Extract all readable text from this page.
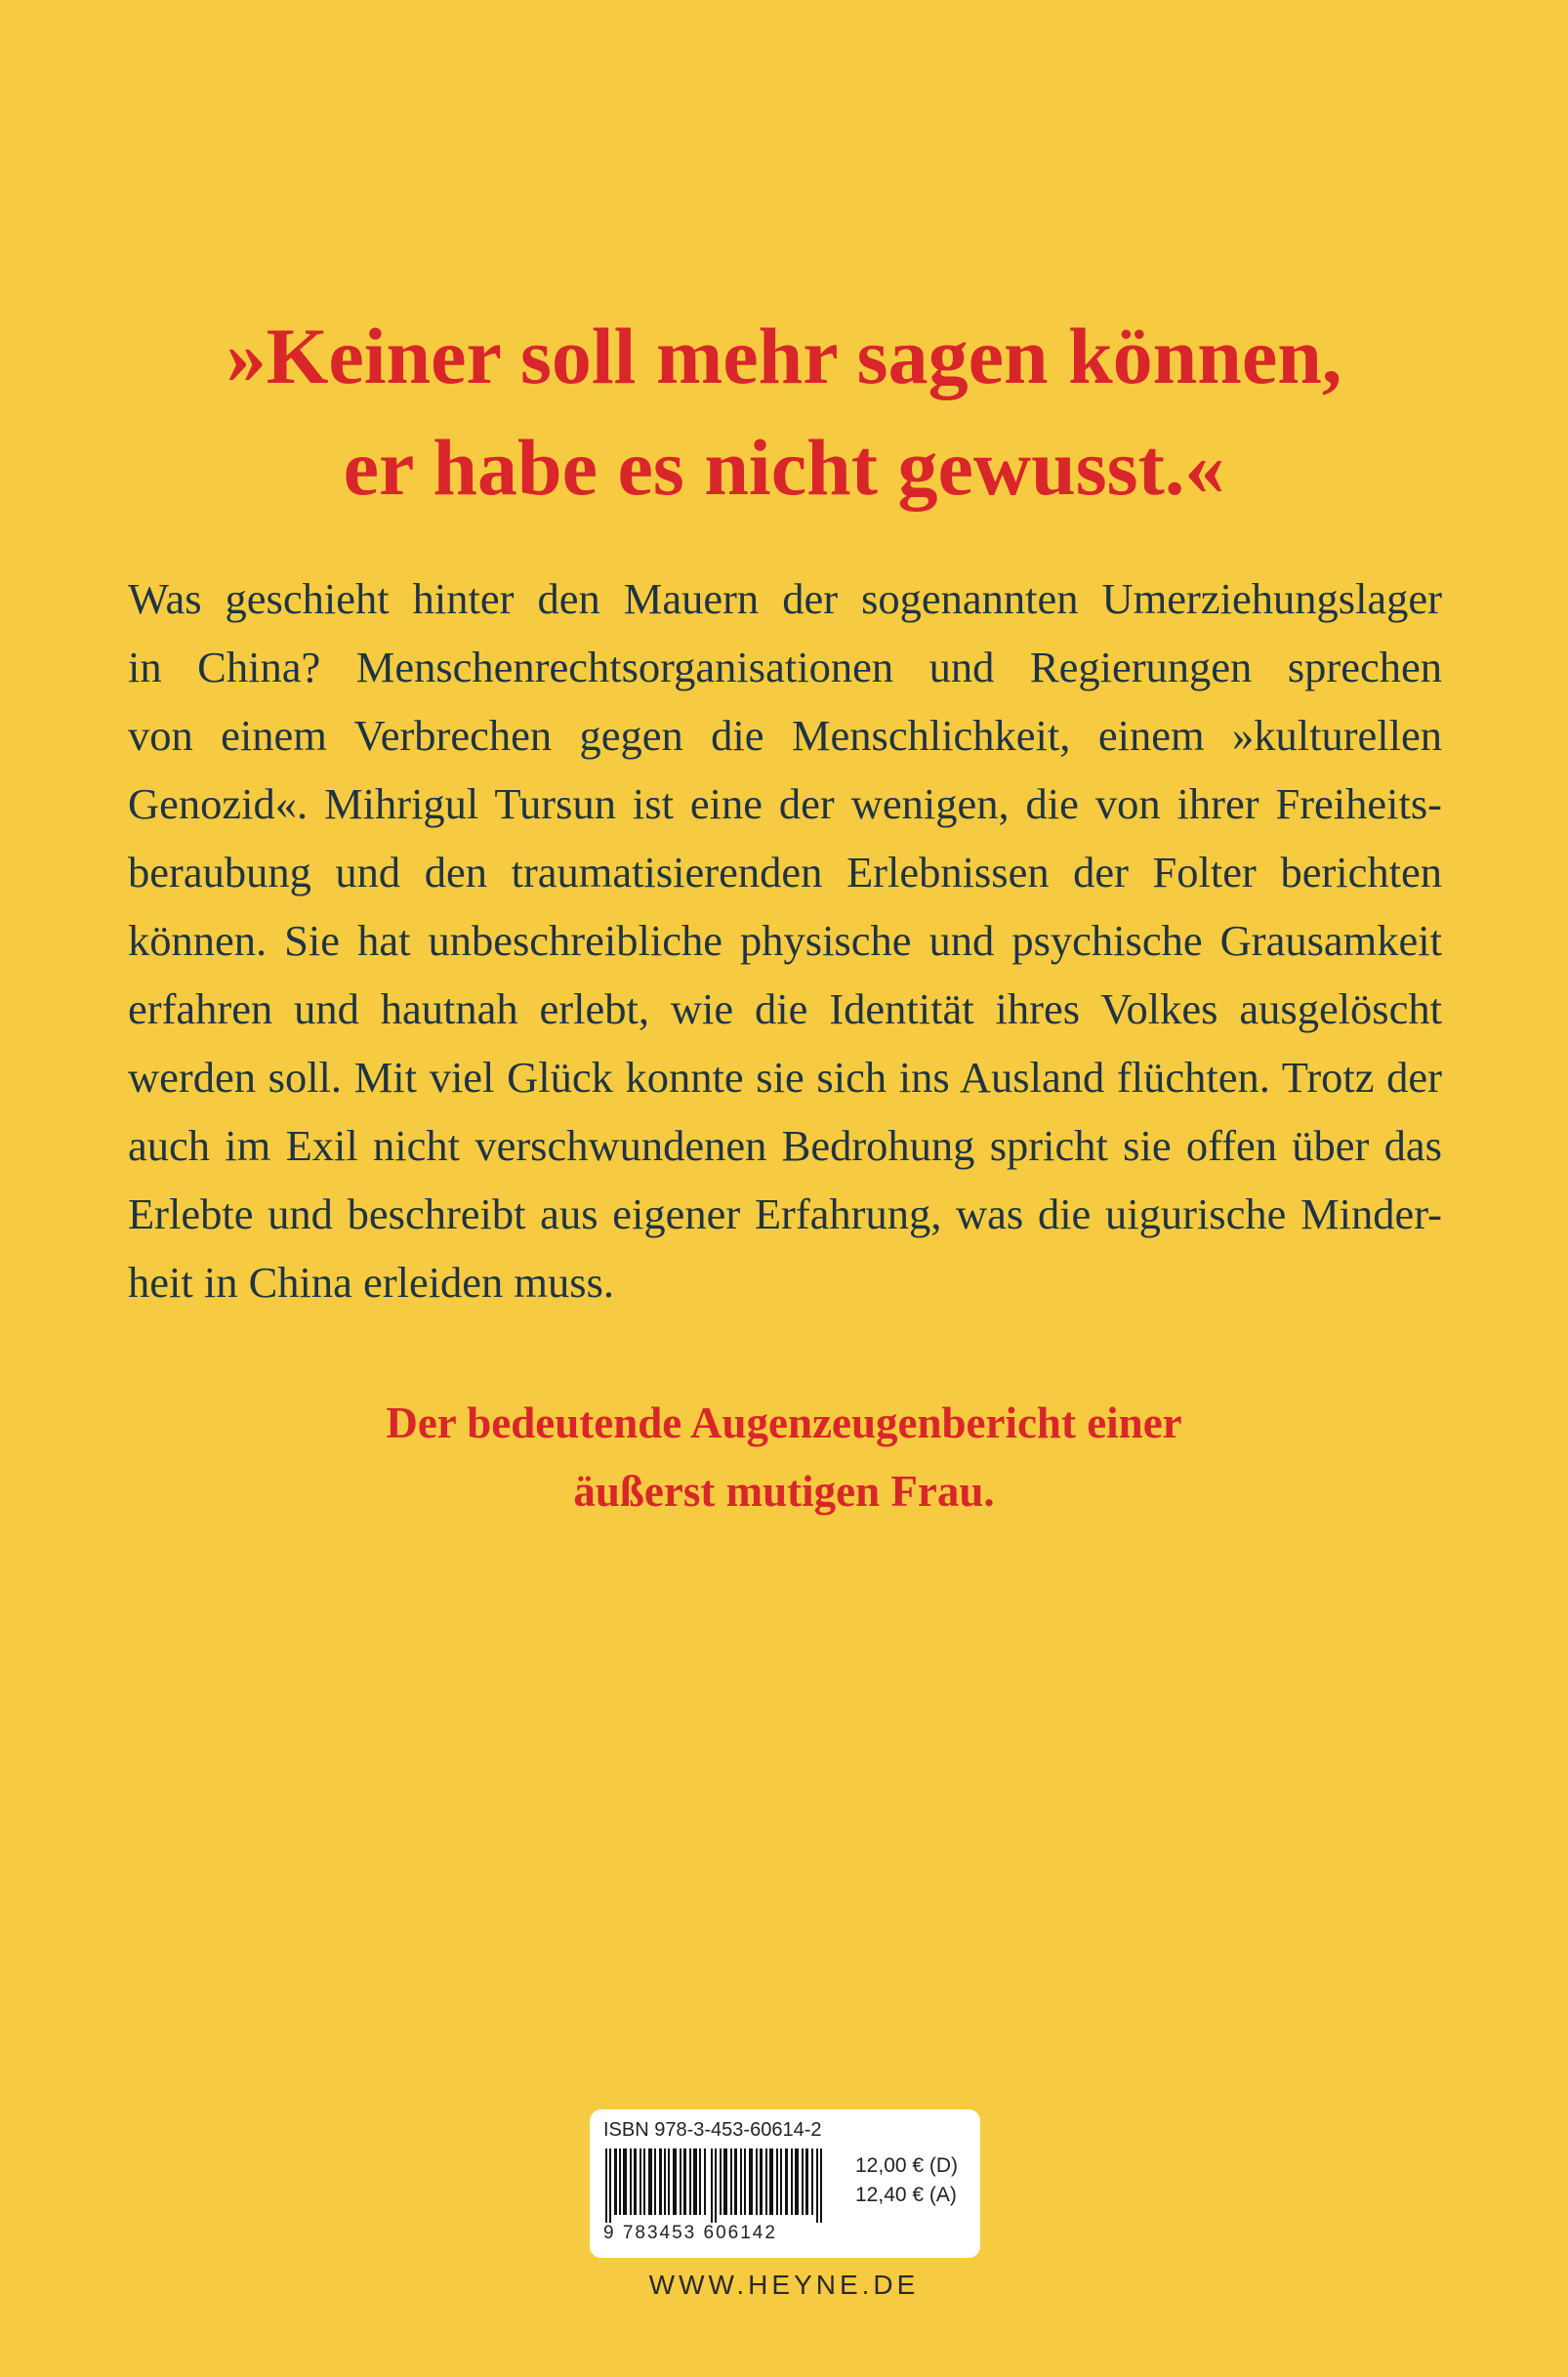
»Keiner soll mehr sagen können,
er habe es nicht gewusst.«
Was geschieht hinter den Mauern der sogenannten Umerziehungslager
in China? Menschenrechtsorganisationen und Regierungen sprechen
von einem Verbrechen gegen die Menschlichkeit, einem »kulturellen
Genozid«. Mihrigul Tursun ist eine der wenigen, die von ihrer Freiheits-
beraubung und den traumatisierenden Erlebnissen der Folter berichten
können. Sie hat unbeschreibliche physische und psychische Grausamkeit
erfahren und hautnah erlebt, wie die Identität ihres Volkes ausgelöscht
werden soll. Mit viel Glück konnte sie sich ins Ausland flüchten. Trotz der
auch im Exil nicht verschwundenen Bedrohung spricht sie offen über das
Erlebte und beschreibt aus eigener Erfahrung, was die uigurische Minder-
heit in China erleiden muss.

Der bedeutende Augenzeugenbericht einer
äußerst mutigen Frau.

ISBN 978-3-453-60614-2
9 783453 606142
12,00 € (D)
12,40 € (A)
WWW.HEYNE.DE
